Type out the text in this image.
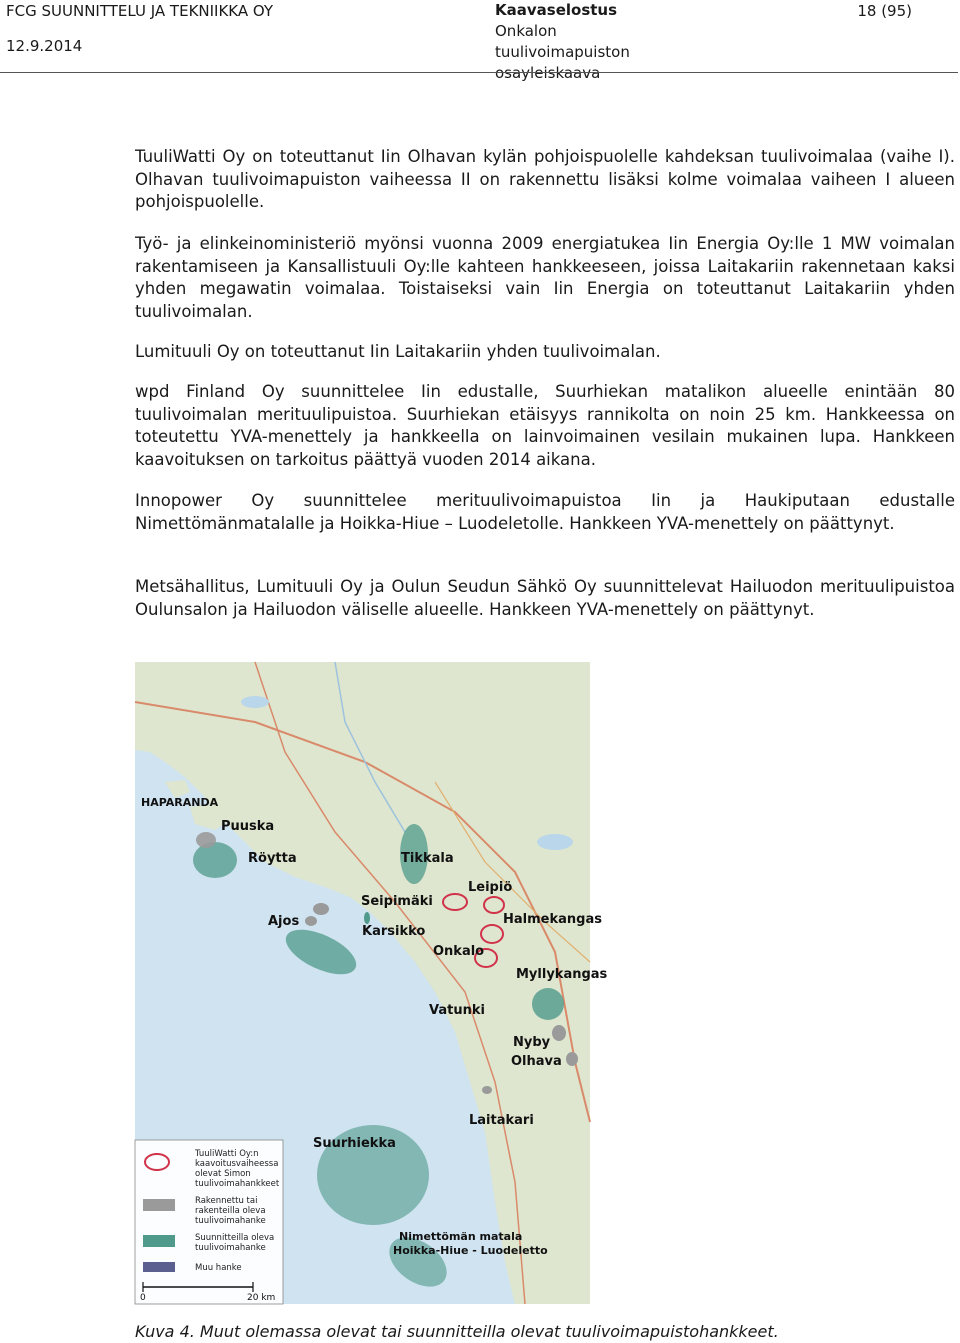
FCG SUUNNITTELU JA TEKNIIKKA OY
12.9.2014
Kaavaselostus
Onkalon
tuulivoimapuiston
osayleiskaava
18 (95)

TuuliWatti Oy on toteuttanut Iin Olhavan kylän pohjoispuolelle kahdeksan tuulivoimalaa (vaihe I). Olhavan tuulivoimapuiston vaiheessa II on rakennettu lisäksi kolme voimalaa vaiheen I alueen pohjoispuolelle.

Työ- ja elinkeinoministeriö myönsi vuonna 2009 energiatukea Iin Energia Oy:lle 1 MW voimalan rakentamiseen ja Kansallistuuli Oy:lle kahteen hankkeeseen, joissa Laitakariin rakennetaan kaksi yhden megawatin voimalaa. Toistaiseksi vain Iin Energia on toteuttanut Laitakariin yhden tuulivoimalan.

Lumituuli Oy on toteuttanut Iin Laitakariin yhden tuulivoimalan.

wpd Finland Oy suunnittelee Iin edustalle, Suurhiekan matalikon alueelle enintään 80 tuulivoimalan merituulipuistoa. Suurhiekan etäisyys rannikolta on noin 25 km. Hankkeessa on toteutettu YVA-menettely ja hankkeella on lainvoimainen vesilain mukainen lupa. Hankkeen kaavoituksen on tarkoitus päättyä vuoden 2014 aikana.

Innopower Oy suunnittelee merituulivoimapuistoa Iin ja Haukiputaan edustalle Nimettömänmatalalle ja Hoikka-Hiue – Luodeletolle. Hankkeen YVA-menettely on päättynyt.

Metsähallitus, Lumituuli Oy ja Oulun Seudun Sähkö Oy suunnittelevat Hailuodon merituulipuistoa Oulunsalon ja Hailuodon väliselle alueelle. Hankkeen YVA-menettely on päättynyt.

HAPARANDA
Puuska
Röytta	Tikkala
Seipimäki
Leipiö
Ajos
Karsikko
Halmekangas
Onkalo
Myllykangas
Vatunki
Nyby
Olhava
Laitakari
Suurhiekka
Nimettömän matala
Hoikka-Hiue - Luodeletto
TuuliWatti Oy:n
kaavoitusvaiheessa
olevat Simon
tuulivoimahankkeet
Rakennettu tai
rakenteilla oleva
tuulivoimahanke
Suunnitteilla oleva
tuulivoimahanke
Muu hanke
0	20 km
Kuva 4. Muut olemassa olevat tai suunnitteilla olevat tuulivoimapuistohankkeet.
